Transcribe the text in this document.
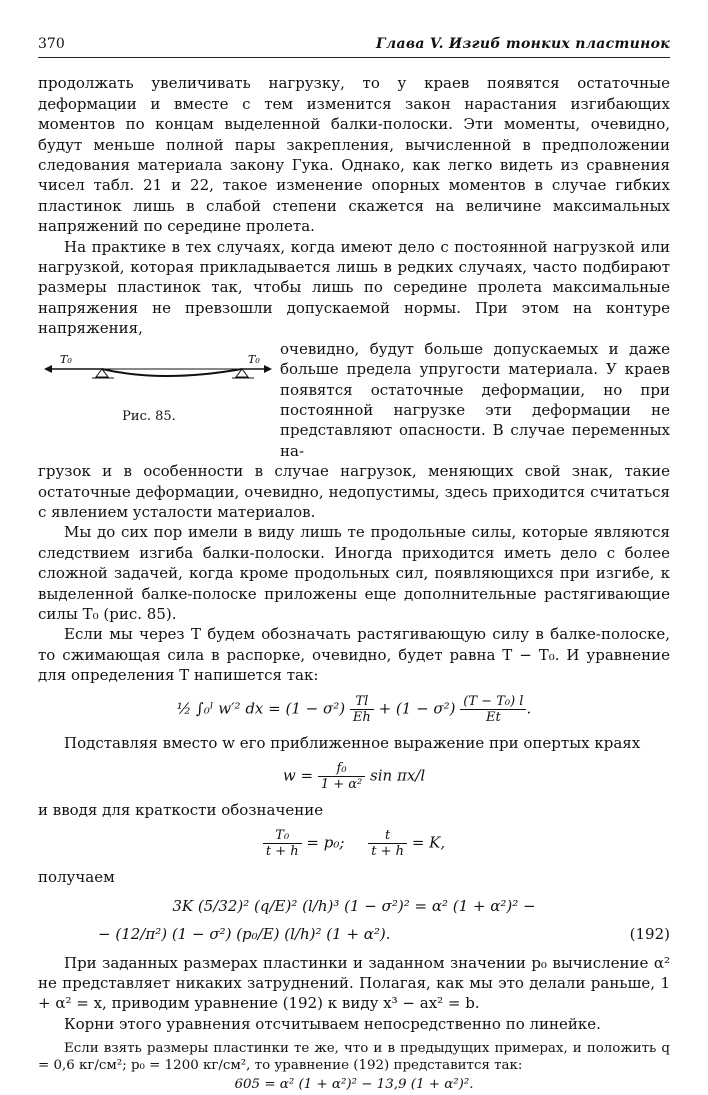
370	Глава V. Изгиб тонких пластинок

продолжать увеличивать нагрузку, то у краев появятся остаточные деформации и вместе с тем изменится закон нарастания изгибающих моментов по концам выделенной балки-полоски. Эти моменты, очевидно, будут меньше полной пары закрепления, вычисленной в предположении следования материала закону Гука. Однако, как легко видеть из сравнения чисел табл. 21 и 22, такое изменение опорных моментов в случае гибких пластинок лишь в слабой степени скажется на величине максимальных напряжений по середине пролета.

На практике в тех случаях, когда имеют дело с постоянной нагрузкой или нагрузкой, которая прикладывается лишь в редких случаях, часто подбирают размеры пластинок так, чтобы лишь по середине пролета максимальные напряжения не превзошли допускаемой нормы. При этом на контуре напряжения,

T₀	T₀
Рис. 85.
очевидно, будут больше допускаемых и даже больше предела упругости материала. У краев появятся остаточные деформации, но при постоянной нагрузке эти деформации не представляют опасности. В случае переменных на-

грузок и в особенности в случае нагрузок, меняющих свой знак, такие остаточные деформации, очевидно, недопустимы, здесь приходится считаться с явлением усталости материалов.

Мы до сих пор имели в виду лишь те продольные силы, которые являются следствием изгиба балки-полоски. Иногда приходится иметь дело с более сложной задачей, когда кроме продольных сил, появляющихся при изгибе, к выделенной балке-полоске приложены еще дополнительные растягивающие силы T₀ (рис. 85).

Если мы через T будем обозначать растягивающую силу в балке-полоске, то сжимающая сила в распорке, очевидно, будет равна T − T₀. И уравнение для определения T напишется так:

½ ∫₀ˡ w′² dx = $(1 - \sigma^2) \frac{Tl}{Eh} + (1 - \sigma^2) \frac{\text{(T − T₀) l}}{Et}$ .

Подставляя вместо w его приближенное выражение при опертых краях

$w = \frac{\text{f₀}}{\text{1 + α²}}$ sin πx/l

и вводя для краткости обозначение

$\frac{\text{T₀}}{t + h} = p_0$; $\frac{t}{t + h} = K$,

получаем

3K (5/32)² (q/E)² (l/h)³ (1 − σ²)² = α² (1 + α²)² −
− (12/π²) (1 − σ²) (p₀/E) (l/h)² (1 + α²).	(192)

При заданных размерах пластинки и заданном значении p₀ вычисление α² не представляет никаких затруднений. Полагая, как мы это делали раньше, 1 + α² = x, приводим уравнение (192) к виду x³ − ax² = b.

Корни этого уравнения отсчитываем непосредственно по линейке.

Если взять размеры пластинки те же, что и в предыдущих примерах, и положить q = 0,6 кг/см²; p₀ = 1200 кг/см², то уравнение (192) представится так:

605 = α² (1 + α²)² − 13,9 (1 + α²)².
